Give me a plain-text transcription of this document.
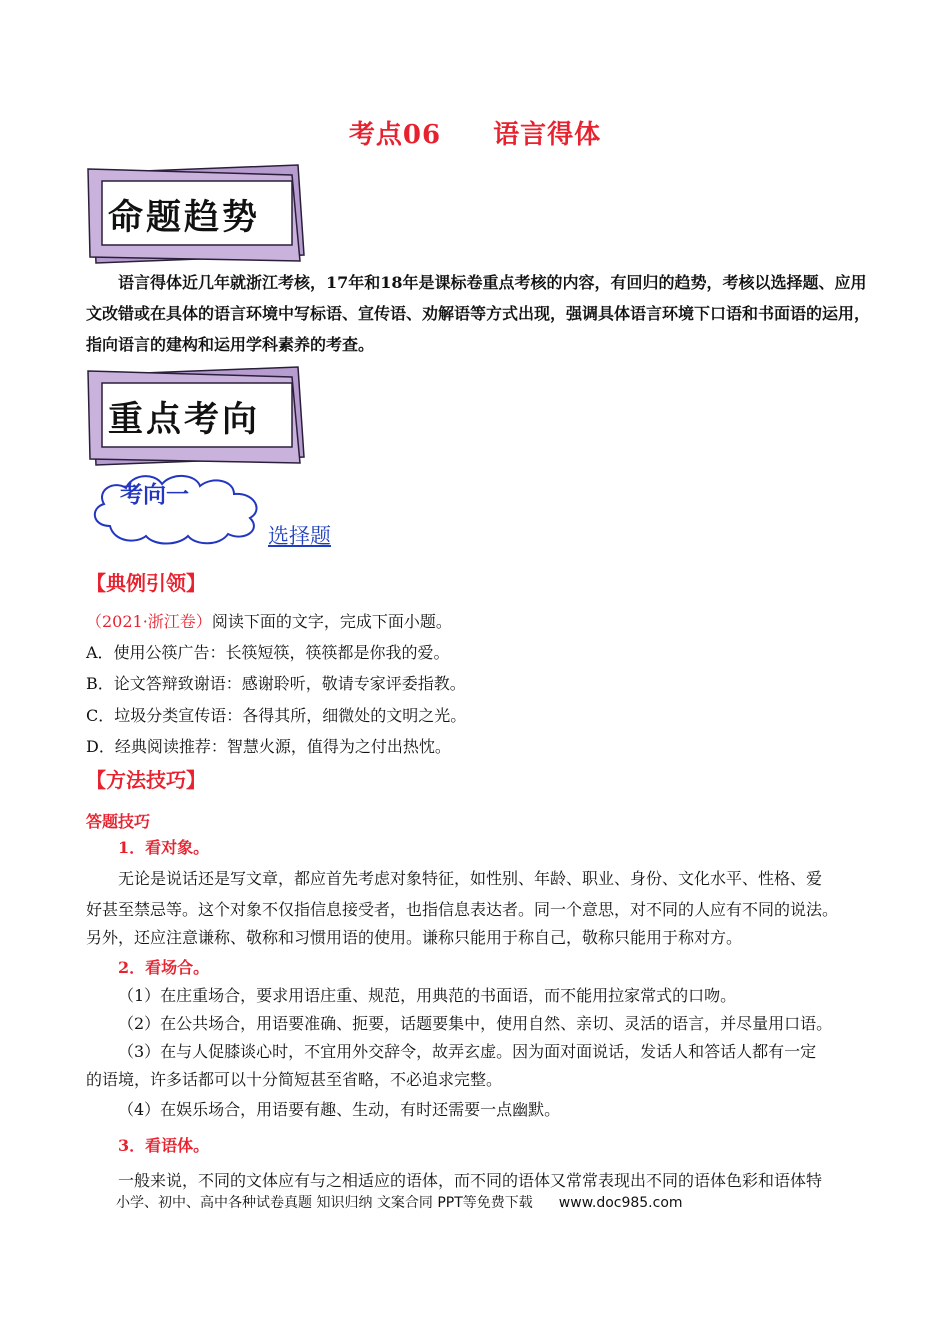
考点06 语言得体
命题趋势
语言得体近几年就浙江考核，17年和18年是课标卷重点考核的内容，有回归的趋势，考核以选择题、应用文改错或在具体的语言环境中写标语、宣传语、劝解语等方式出现，强调具体语言环境下口语和书面语的运用，指向语言的建构和运用学科素养的考查。
重点考向
考向一
选择题
【典例引领】
（2021·浙江卷）阅读下面的文字，完成下面小题。
A．使用公筷广告：长筷短筷，筷筷都是你我的爱。
B．论文答辩致谢语：感谢聆听，敬请专家评委指教。
C．垃圾分类宣传语：各得其所，细微处的文明之光。
D．经典阅读推荐：智慧火源，值得为之付出热忱。
【方法技巧】
答题技巧
1．看对象。
无论是说话还是写文章，都应首先考虑对象特征，如性别、年龄、职业、身份、文化水平、性格、爱
好甚至禁忌等。这个对象不仅指信息接受者，也指信息表达者。同一个意思，对不同的人应有不同的说法。
另外，还应注意谦称、敬称和习惯用语的使用。谦称只能用于称自己，敬称只能用于称对方。
2．看场合。
（1）在庄重场合，要求用语庄重、规范，用典范的书面语，而不能用拉家常式的口吻。
（2）在公共场合，用语要准确、扼要，话题要集中，使用自然、亲切、灵活的语言，并尽量用口语。
（3）在与人促膝谈心时，不宜用外交辞令，故弄玄虚。因为面对面说话，发话人和答话人都有一定
的语境，许多话都可以十分简短甚至省略，不必追求完整。
（4）在娱乐场合，用语要有趣、生动，有时还需要一点幽默。
3．看语体。
一般来说，不同的文体应有与之相适应的语体，而不同的语体又常常表现出不同的语体色彩和语体特
小学、初中、高中各种试卷真题 知识归纳 文案合同 PPT等免费下载 www.doc985.com
